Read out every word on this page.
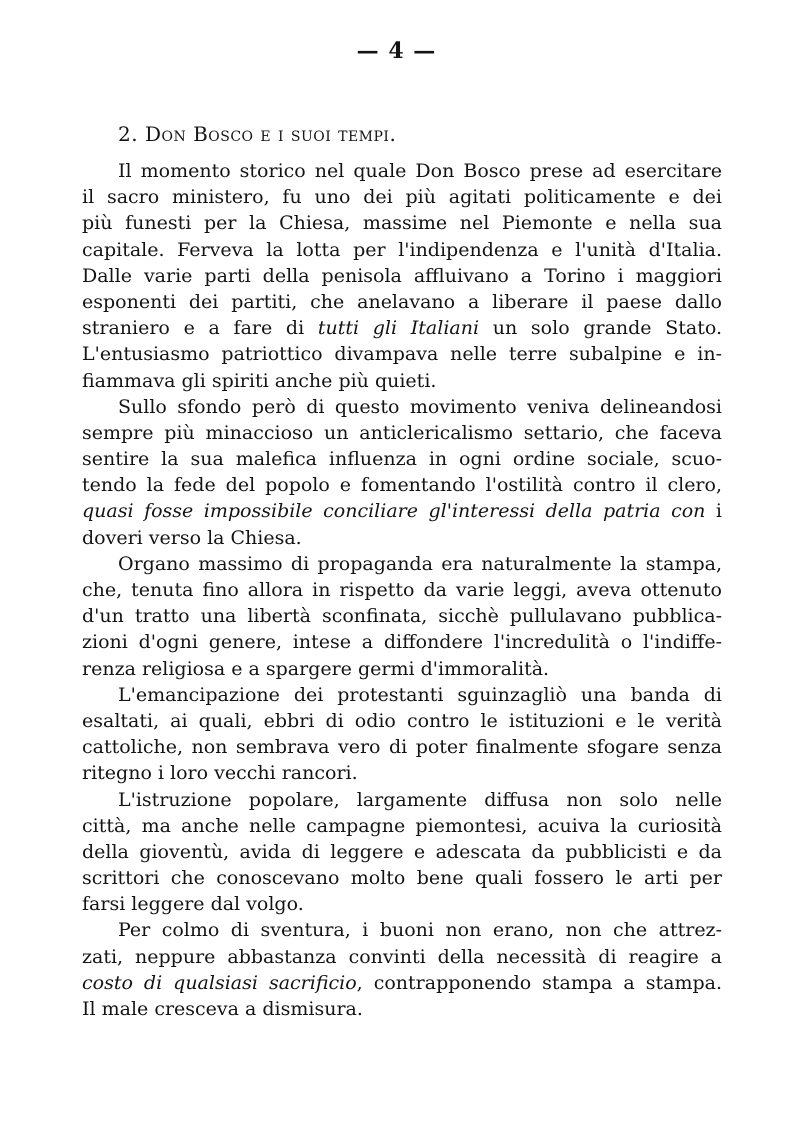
— 4 —
2. Don Bosco e i suoi tempi.
Il momento storico nel quale Don Bosco prese ad esercitare
il sacro ministero, fu uno dei più agitati politicamente e dei
più funesti per la Chiesa, massime nel Piemonte e nella sua
capitale. Ferveva la lotta per l'indipendenza e l'unità d'Italia.
Dalle varie parti della penisola affluivano a Torino i maggiori
esponenti dei partiti, che anelavano a liberare il paese dallo
straniero e a fare di tutti gli Italiani un solo grande Stato.
L'entusiasmo patriottico divampava nelle terre subalpine e in-
fiammava gli spiriti anche più quieti.
Sullo sfondo però di questo movimento veniva delineandosi
sempre più minaccioso un anticlericalismo settario, che faceva
sentire la sua malefica influenza in ogni ordine sociale, scuo-
tendo la fede del popolo e fomentando l'ostilità contro il clero,
quasi fosse impossibile conciliare gl'interessi della patria con i
doveri verso la Chiesa.
Organo massimo di propaganda era naturalmente la stampa,
che, tenuta fino allora in rispetto da varie leggi, aveva ottenuto
d'un tratto una libertà sconfinata, sicchè pullulavano pubblica-
zioni d'ogni genere, intese a diffondere l'incredulità o l'indiffe-
renza religiosa e a spargere germi d'immoralità.
L'emancipazione dei protestanti sguinzagliò una banda di
esaltati, ai quali, ebbri di odio contro le istituzioni e le verità
cattoliche, non sembrava vero di poter finalmente sfogare senza
ritegno i loro vecchi rancori.
L'istruzione popolare, largamente diffusa non solo nelle
città, ma anche nelle campagne piemontesi, acuiva la curiosità
della gioventù, avida di leggere e adescata da pubblicisti e da
scrittori che conoscevano molto bene quali fossero le arti per
farsi leggere dal volgo.
Per colmo di sventura, i buoni non erano, non che attrez-
zati, neppure abbastanza convinti della necessità di reagire a
costo di qualsiasi sacrificio, contrapponendo stampa a stampa.
Il male cresceva a dismisura.
